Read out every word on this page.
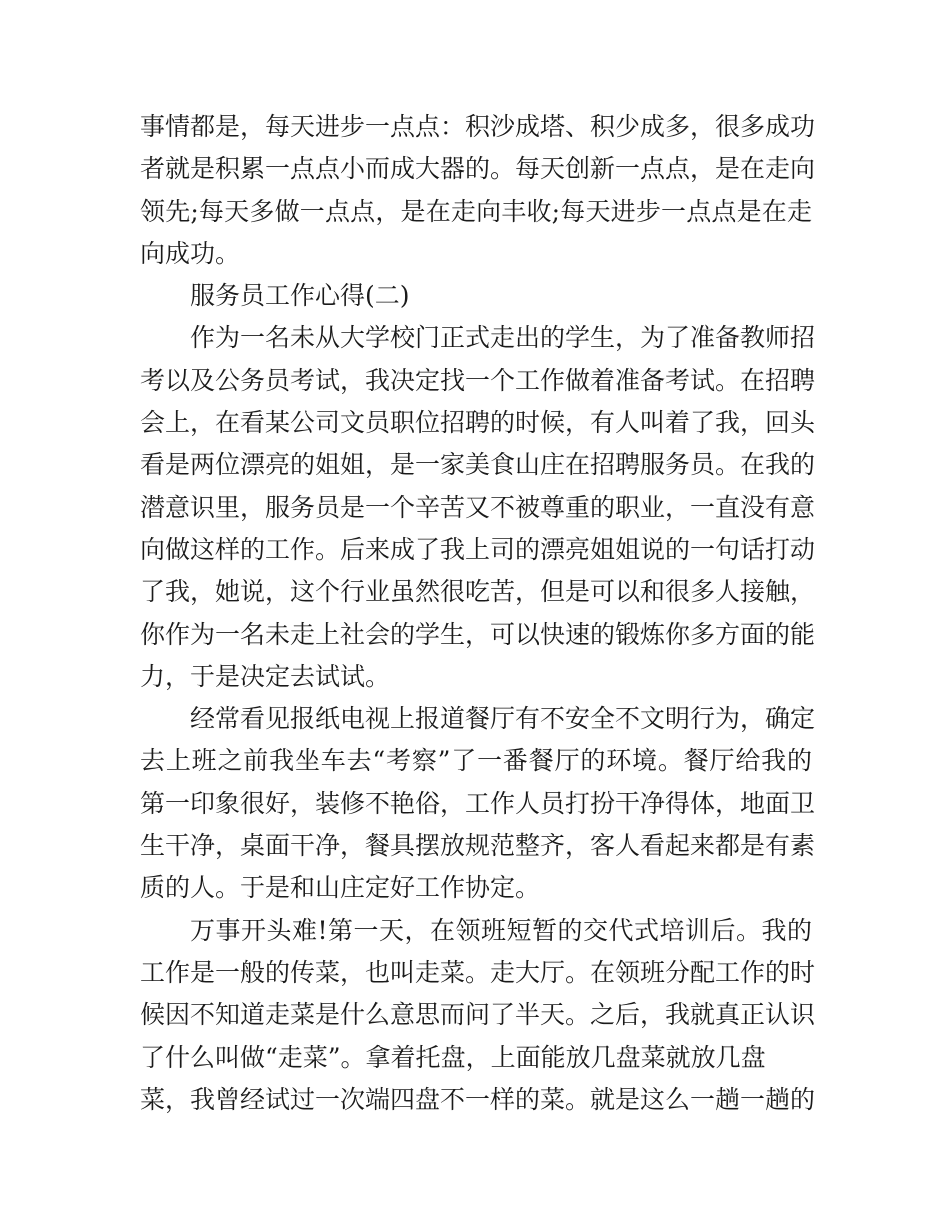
事情都是，每天进步一点点：积沙成塔、积少成多，很多成功
者就是积累一点点小而成大器的。每天创新一点点，是在走向
领先;每天多做一点点，是在走向丰收;每天进步一点点是在走
向成功。
服务员工作心得(二)
作为一名未从大学校门正式走出的学生，为了准备教师招
考以及公务员考试，我决定找一个工作做着准备考试。在招聘
会上，在看某公司文员职位招聘的时候，有人叫着了我，回头
看是两位漂亮的姐姐，是一家美食山庄在招聘服务员。在我的
潜意识里，服务员是一个辛苦又不被尊重的职业，一直没有意
向做这样的工作。后来成了我上司的漂亮姐姐说的一句话打动
了我，她说，这个行业虽然很吃苦，但是可以和很多人接触，
你作为一名未走上社会的学生，可以快速的锻炼你多方面的能
力，于是决定去试试。
经常看见报纸电视上报道餐厅有不安全不文明行为，确定
去上班之前我坐车去“考察”了一番餐厅的环境。餐厅给我的
第一印象很好，装修不艳俗，工作人员打扮干净得体，地面卫
生干净，桌面干净，餐具摆放规范整齐，客人看起来都是有素
质的人。于是和山庄定好工作协定。
万事开头难!第一天，在领班短暂的交代式培训后。我的
工作是一般的传菜，也叫走菜。走大厅。在领班分配工作的时
候因不知道走菜是什么意思而问了半天。之后，我就真正认识
了什么叫做“走菜”。拿着托盘，上面能放几盘菜就放几盘
菜，我曾经试过一次端四盘不一样的菜。就是这么一趟一趟的
